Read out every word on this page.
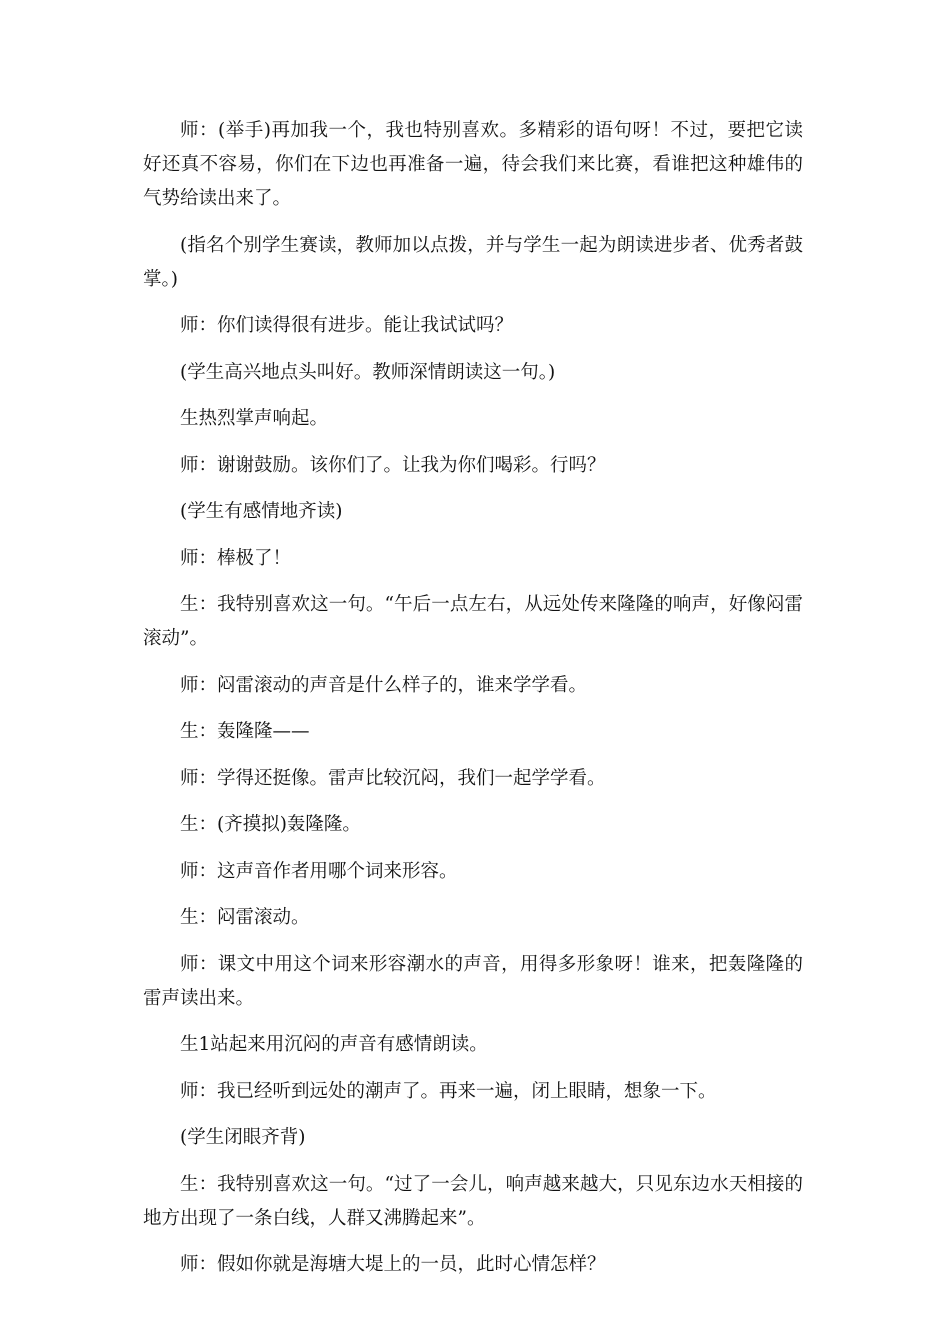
师：(举手)再加我一个，我也特别喜欢。多精彩的语句呀！不过，要把它读好还真不容易，你们在下边也再准备一遍，待会我们来比赛，看谁把这种雄伟的气势给读出来了。

(指名个别学生赛读，教师加以点拨，并与学生一起为朗读进步者、优秀者鼓掌。)

师：你们读得很有进步。能让我试试吗？

(学生高兴地点头叫好。教师深情朗读这一句。)

生热烈掌声响起。

师：谢谢鼓励。该你们了。让我为你们喝彩。行吗？

(学生有感情地齐读)

师：棒极了！

生：我特别喜欢这一句。“午后一点左右，从远处传来隆隆的响声，好像闷雷滚动”。

师：闷雷滚动的声音是什么样子的，谁来学学看。

生：轰隆隆——

师：学得还挺像。雷声比较沉闷，我们一起学学看。

生：(齐摸拟)轰隆隆。

师：这声音作者用哪个词来形容。

生：闷雷滚动。

师：课文中用这个词来形容潮水的声音，用得多形象呀！谁来，把轰隆隆的雷声读出来。

生1站起来用沉闷的声音有感情朗读。

师：我已经听到远处的潮声了。再来一遍，闭上眼睛，想象一下。

(学生闭眼齐背)

生：我特别喜欢这一句。“过了一会儿，响声越来越大，只见东边水天相接的地方出现了一条白线，人群又沸腾起来”。

师：假如你就是海塘大堤上的一员，此时心情怎样？
